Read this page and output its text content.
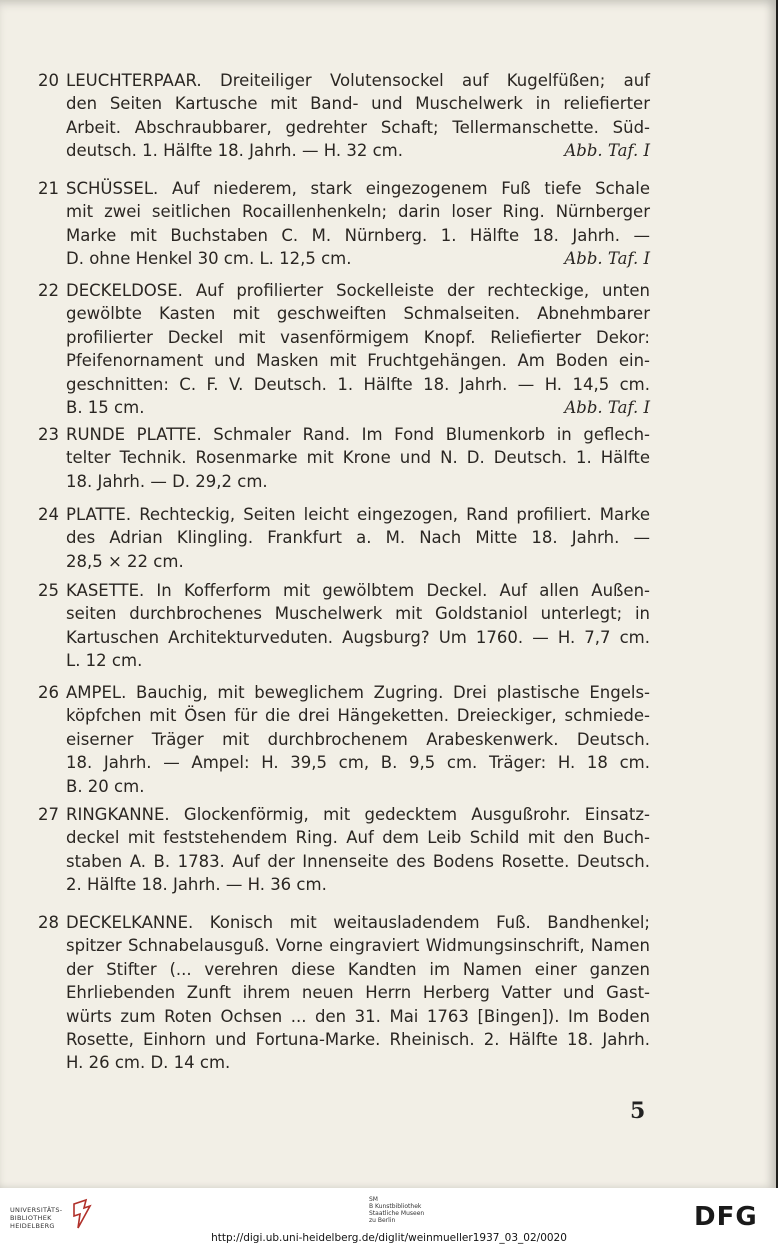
20 LEUCHTERPAAR. Dreiteiliger Volutensockel auf Kugelfüßen; auf
den Seiten Kartusche mit Band- und Muschelwerk in reliefierter
Arbeit. Abschraubbarer, gedrehter Schaft; Tellermanschette. Süd-
deutsch. 1. Hälfte 18. Jahrh. — H. 32 cm.	Abb. Taf. I
21 SCHÜSSEL. Auf niederem, stark eingezogenem Fuß tiefe Schale
mit zwei seitlichen Rocaillenhenkeln; darin loser Ring. Nürnberger
Marke mit Buchstaben C. M. Nürnberg. 1. Hälfte 18. Jahrh. —
D. ohne Henkel 30 cm. L. 12,5 cm.	Abb. Taf. I
22 DECKELDOSE. Auf profilierter Sockelleiste der rechteckige, unten
gewölbte Kasten mit geschweiften Schmalseiten. Abnehmbarer
profilierter Deckel mit vasenförmigem Knopf. Reliefierter Dekor:
Pfeifenornament und Masken mit Fruchtgehängen. Am Boden ein-
geschnitten: C. F. V. Deutsch. 1. Hälfte 18. Jahrh. — H. 14,5 cm.
B. 15 cm.	Abb. Taf. I
23 RUNDE PLATTE. Schmaler Rand. Im Fond Blumenkorb in geflech-
telter Technik. Rosenmarke mit Krone und N. D. Deutsch. 1. Hälfte
18. Jahrh. — D. 29,2 cm.
24 PLATTE. Rechteckig, Seiten leicht eingezogen, Rand profiliert. Marke
des Adrian Klingling. Frankfurt a. M. Nach Mitte 18. Jahrh. —
28,5 × 22 cm.
25 KASETTE. In Kofferform mit gewölbtem Deckel. Auf allen Außen-
seiten durchbrochenes Muschelwerk mit Goldstaniol unterlegt; in
Kartuschen Architekturveduten. Augsburg? Um 1760. — H. 7,7 cm.
L. 12 cm.
26 AMPEL. Bauchig, mit beweglichem Zugring. Drei plastische Engels-
köpfchen mit Ösen für die drei Hängeketten. Dreieckiger, schmiede-
eiserner Träger mit durchbrochenem Arabeskenwerk. Deutsch.
18. Jahrh. — Ampel: H. 39,5 cm, B. 9,5 cm. Träger: H. 18 cm.
B. 20 cm.
27 RINGKANNE. Glockenförmig, mit gedecktem Ausgußrohr. Einsatz-
deckel mit feststehendem Ring. Auf dem Leib Schild mit den Buch-
staben A. B. 1783. Auf der Innenseite des Bodens Rosette. Deutsch.
2. Hälfte 18. Jahrh. — H. 36 cm.
28 DECKELKANNE. Konisch mit weitausladendem Fuß. Bandhenkel;
spitzer Schnabelausguß. Vorne eingraviert Widmungsinschrift, Namen
der Stifter (... verehren diese Kandten im Namen einer ganzen
Ehrliebenden Zunft ihrem neuen Herrn Herberg Vatter und Gast-
würts zum Roten Ochsen ... den 31. Mai 1763 [Bingen]). Im Boden
Rosette, Einhorn und Fortuna-Marke. Rheinisch. 2. Hälfte 18. Jahrh.
H. 26 cm. D. 14 cm.
5
UNIVERSITÄTS-
BIBLIOTHEK
HEIDELBERG
SM
B Kunstbibliothek
Staatliche Museen
zu Berlin	DFG
http://digi.ub.uni-heidelberg.de/diglit/weinmueller1937_03_02/0020
